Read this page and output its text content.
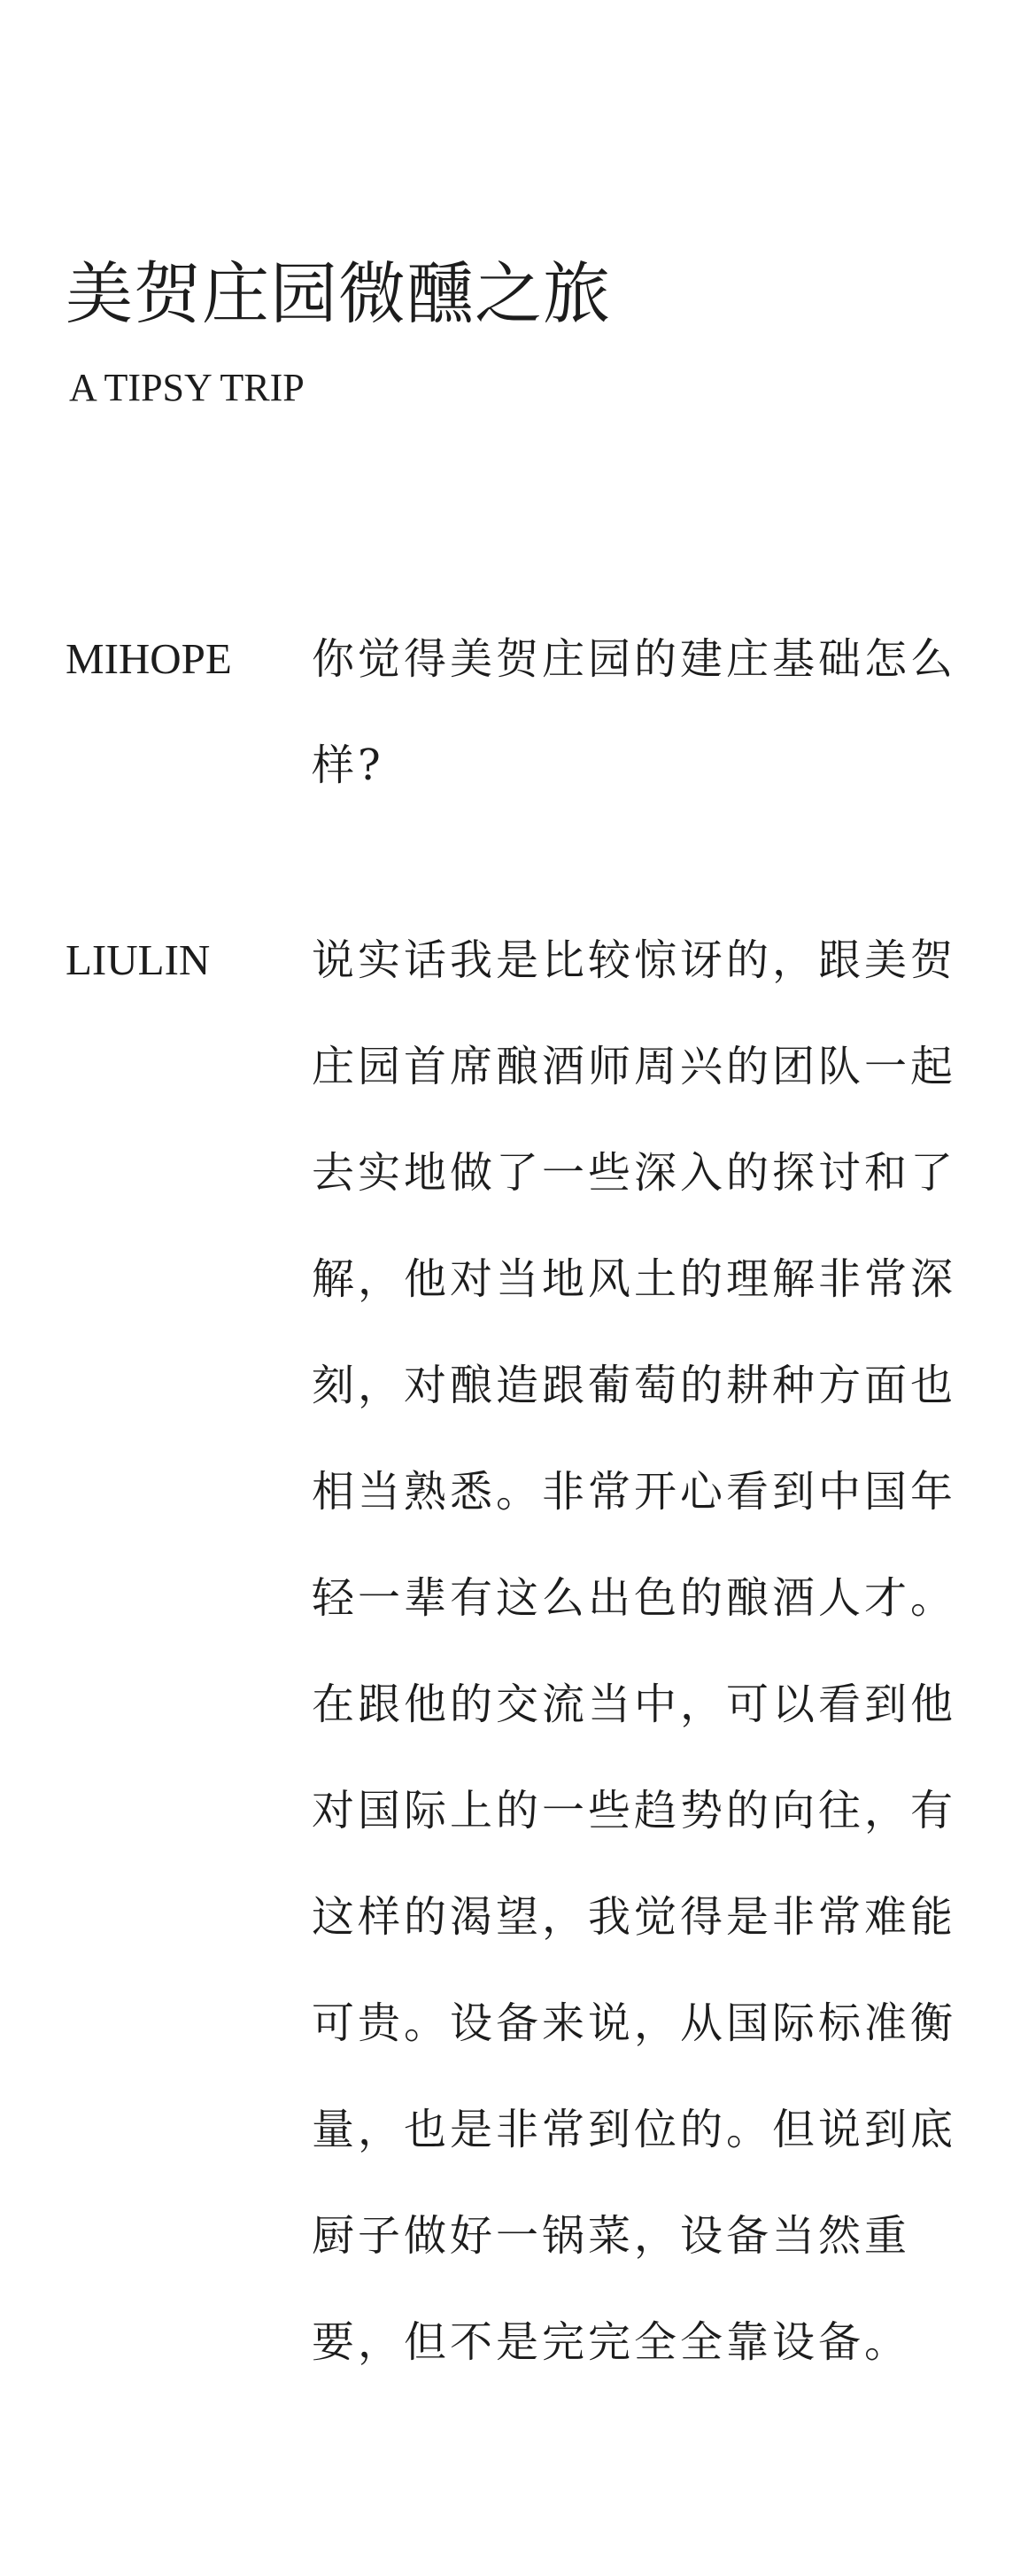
美贺庄园微醺之旅
A TIPSY TRIP
MIHOPE	你觉得美贺庄园的建庄基础怎么样?
LIULIN	说实话我是比较惊讶的，跟美贺庄园首席酿酒师周兴的团队一起去实地做了一些深入的探讨和了解，他对当地风土的理解非常深刻，对酿造跟葡萄的耕种方面也相当熟悉。非常开心看到中国年轻一辈有这么出色的酿酒人才。在跟他的交流当中，可以看到他对国际上的一些趋势的向往，有这样的渴望，我觉得是非常难能可贵。设备来说，从国际标准衡量，也是非常到位的。但说到底厨子做好一锅菜，设备当然重要，但不是完完全全靠设备。
